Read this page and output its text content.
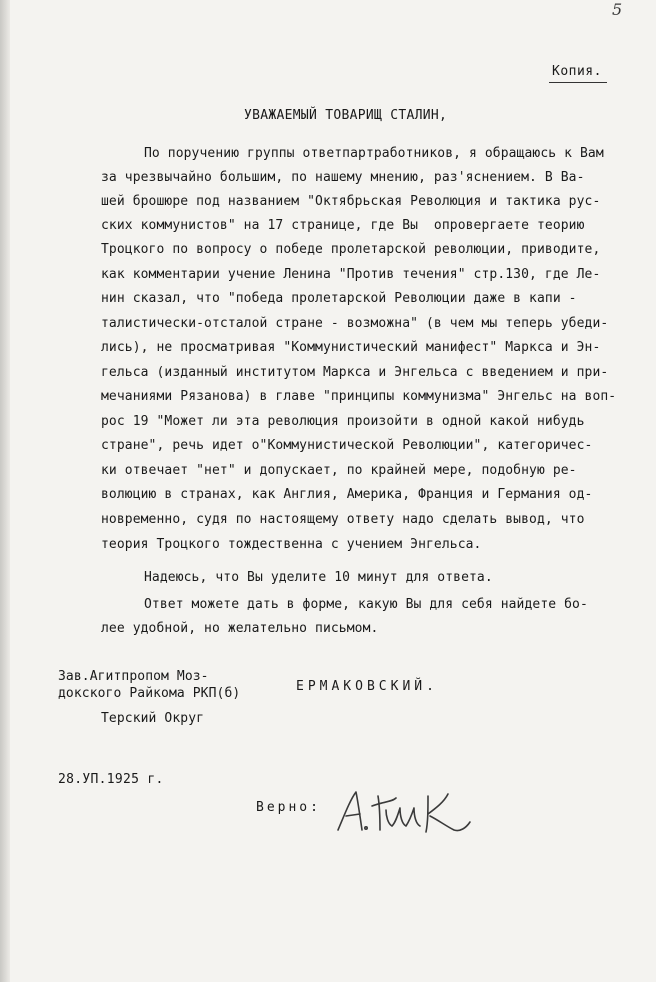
5
Копия.
УВАЖАЕМЫЙ ТОВАРИЩ СТАЛИН,
По поручению группы ответпартработников, я обращаюсь к Вам
за чрезвычайно большим, по нашему мнению, раз'яснением. В Ва-
шей брошюре под названием "Октябрьская Революция и тактика рус-
ских коммунистов" на 17 странице, где Вы  опровергаете теорию
Троцкого по вопросу о победе пролетарской революции, приводите,
как комментарии учение Ленина "Против течения" стр.130, где Ле-
нин сказал, что "победа пролетарской Революции даже в капи -
талистически-отсталой стране - возможна" (в чем мы теперь убеди-
лись), не просматривая "Коммунистический манифест" Маркса и Эн-
гельса (изданный институтом Маркса и Энгельса с введением и при-
мечаниями Рязанова) в главе "принципы коммунизма" Энгельс на воп-
рос 19 "Может ли эта революция произойти в одной какой нибудь
стране", речь идет о"Коммунистической Революции", категоричес-
ки отвечает "нет" и допускает, по крайней мере, подобную ре-
волюцию в странах, как Англия, Америка, Франция и Германия од-
новременно, судя по настоящему ответу надо сделать вывод, что
теория Троцкого тождественна с учением Энгельса.
Надеюсь, что Вы уделите 10 минут для ответа.
Ответ можете дать в форме, какую Вы для себя найдете бо-
лее удобной, но желательно письмом.
Зав.Агитпропом Моз-
докского Райкома РКП(б)
Терский Округ
ЕРМАКОВСКИЙ.
28.УП.1925 г.
Верно:
